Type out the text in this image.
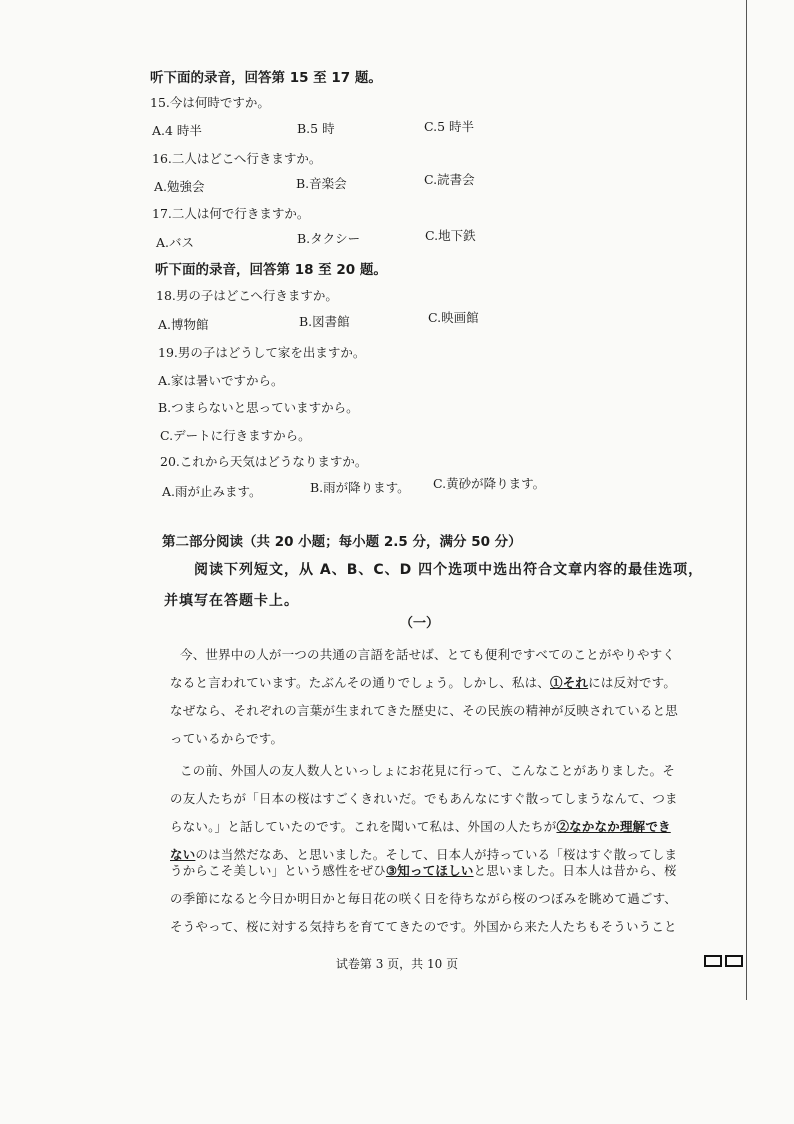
听下面的录音，回答第 15 至 17 题。
15.今は何時ですか。
A.4 時半	B.5 時	C.5 時半
16.二人はどこへ行きますか。
A.勉強会	B.音楽会	C.読書会
17.二人は何で行きますか。
A.バス	B.タクシー	C.地下鉄
听下面的录音，回答第 18 至 20 题。
18.男の子はどこへ行きますか。
A.博物館	B.図書館	C.映画館
19.男の子はどうして家を出ますか。
A.家は暑いですから。
B.つまらないと思っていますから。
C.デートに行きますから。
20.これから天気はどうなりますか。
A.雨が止みます。	B.雨が降ります。 C.黄砂が降ります。
第二部分阅读（共 20 小题；每小题 2.5 分，满分 50 分）
阅读下列短文，从 A、B、C、D 四个选项中选出符合文章内容的最佳选项，
并填写在答题卡上。
（一）
今、世界中の人が一つの共通の言語を話せば、とても便利ですべてのことがやりやすく
なると言われています。たぶんその通りでしょう。しかし、私は、①それには反対です。
なぜなら、それぞれの言葉が生まれてきた歴史に、その民族の精神が反映されていると思
っているからです。
この前、外国人の友人数人といっしょにお花見に行って、こんなことがありました。そ
の友人たちが「日本の桜はすごくきれいだ。でもあんなにすぐ散ってしまうなんて、つま
らない。」と話していたのです。これを聞いて私は、外国の人たちが②なかなか理解でき
ないのは当然だなあ、と思いました。そして、日本人が持っている「桜はすぐ散ってしま
うからこそ美しい」という感性をぜひ③知ってほしいと思いました。日本人は昔から、桜
の季節になると今日か明日かと毎日花の咲く日を待ちながら桜のつぼみを眺めて過ごす、
そうやって、桜に対する気持ちを育ててきたのです。外国から来た人たちもそういうこと
试卷第 3 页，共 10 页
